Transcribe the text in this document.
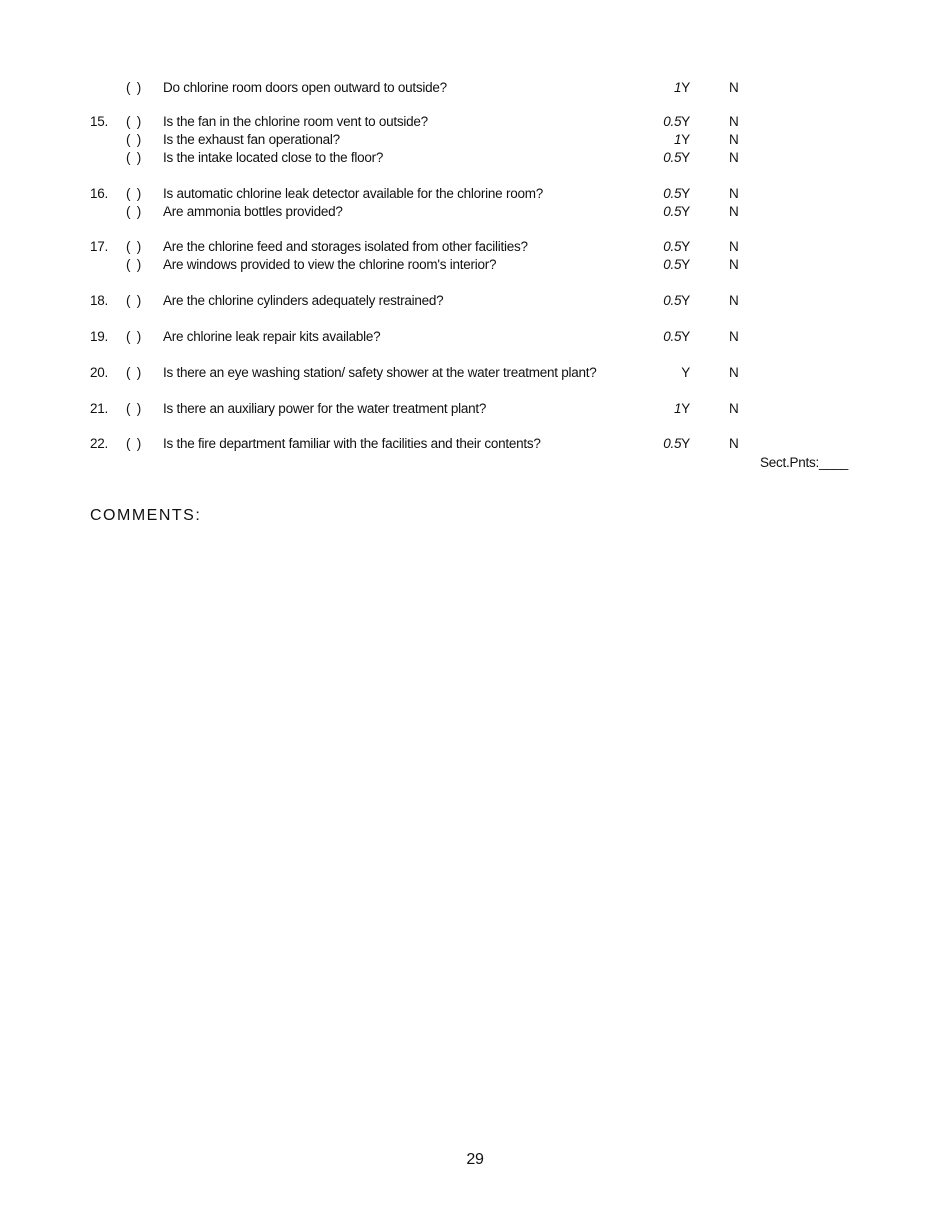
( ) Do chlorine room doors open outward to outside?	1Y	N
15. ( ) Is the fan in the chlorine room vent to outside?	0.5Y	N
( ) Is the exhaust fan operational?	1Y	N
( ) Is the intake located close to the floor?	0.5Y	N
16. ( ) Is automatic chlorine leak detector available for the chlorine room?	0.5Y	N
( ) Are ammonia bottles provided?	0.5Y	N
17. ( ) Are the chlorine feed and storages isolated from other facilities?	0.5Y	N
( ) Are windows provided to view the chlorine room's interior?	0.5Y	N
18. ( ) Are the chlorine cylinders adequately restrained?	0.5Y	N
19. ( ) Are chlorine leak repair kits available?	0.5Y	N
20. ( ) Is there an eye washing station/ safety shower at the water treatment plant?	Y	N
21. ( ) Is there an auxiliary power for the water treatment plant?	1Y	N
22. ( ) Is the fire department familiar with the facilities and their contents?	0.5Y	N
Sect.Pnts:____
COMMENTS:
29
